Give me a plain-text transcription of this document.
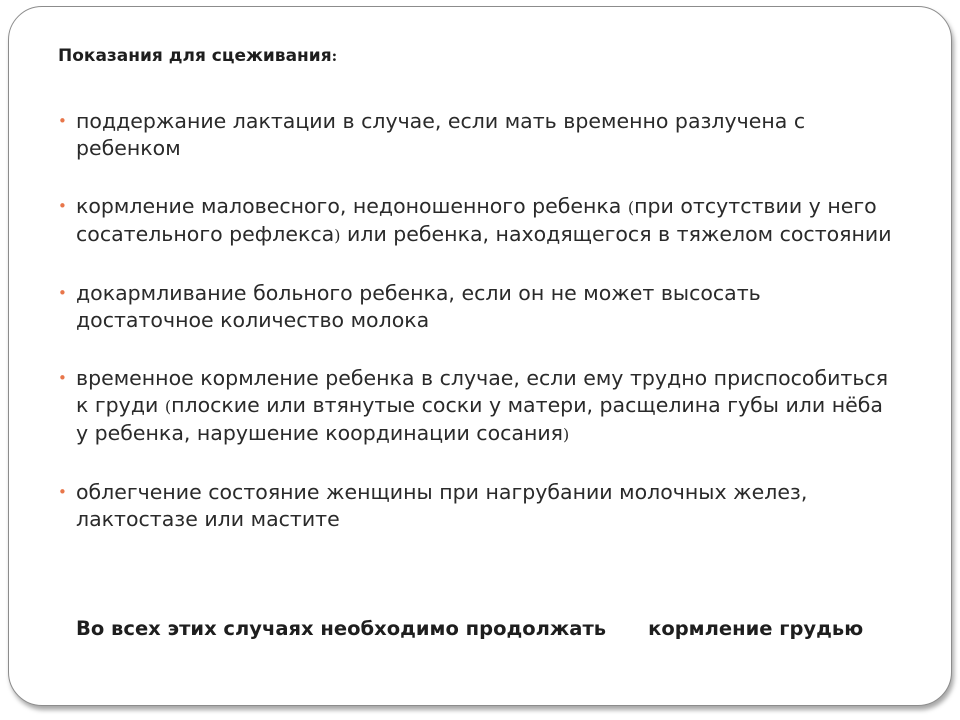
Показания для сцеживания:
• поддержание лактации в случае, если мать временно разлучена с ребенком
• кормление маловесного, недоношенного ребенка (при отсутствии у него сосательного рефлекса) или ребенка, находящегося в тяжелом состоянии
• докармливание больного ребенка, если он не может высосать достаточное количество молока
• временное кормление ребенка в случае, если ему трудно приспособиться к груди (плоские или втянутые соски у матери, расщелина губы или нёба у ребенка, нарушение координации сосания)
• облегчение состояние женщины при нагрубании молочных желез, лактостазе или мастите
Во всех этих случаях необходимо продолжать кормление грудью
